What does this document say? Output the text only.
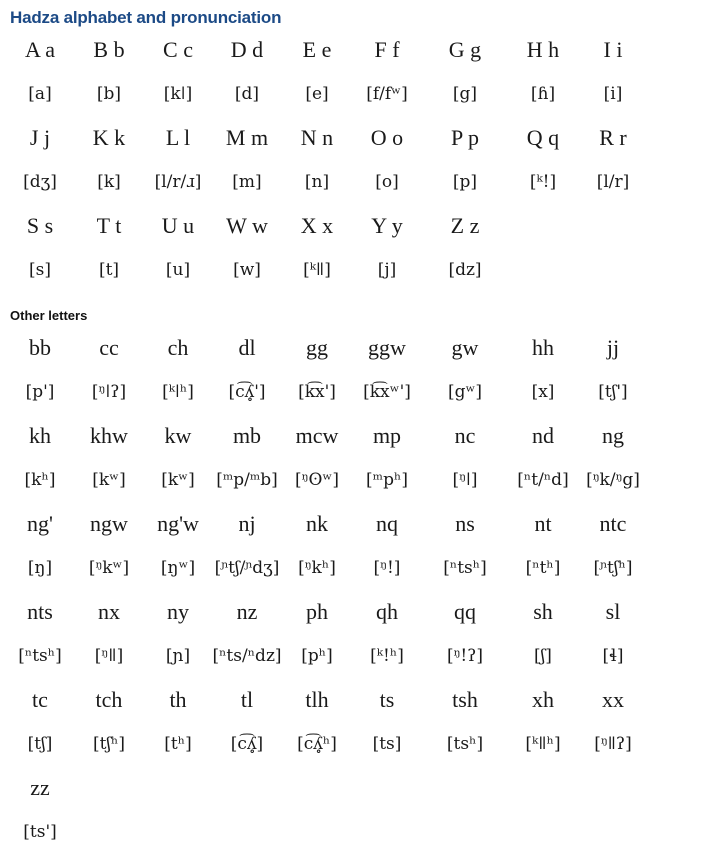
Hadza alphabet and pronunciation
A a	B b	C c	D d	E e	F f	G g	H h	I i
[a]	[b]	[kǀ]	[d]	[e]	[f/fʷ]	[g]	[ɦ]	[i]
J j	K k	L l	M m	N n	O o	P p	Q q	R r
[dʒ]	[k]	[l/r/ɹ]	[m]	[n]	[o]	[p]	[ᵏ!]	[l/r]
S s	T t	U u	W w	X x	Y y	Z z
[s]	[t]	[u]	[w]	[ᵏǁ]	[j]	[dz]
Other letters
bb	cc	ch	dl	gg	ggw	gw	hh	jj
[p']	[ᵑǀʔ]	[ᵏǀʰ]	[c͡ʎ̥']	[k͡x']	[k͡xʷ']	[gʷ]	[x]	[tʃ']
kh	khw	kw	mb	mcw	mp	nc	nd	ng
[kʰ]	[kʷ]	[kʷ]	[ᵐp/ᵐb]	[ᵑʘʷ]	[ᵐpʰ]	[ᵑǀ]	[ⁿt/ⁿd]	[ᵑk/ᵑg]
ng'	ngw	ng'w	nj	nk	nq	ns	nt	ntc
[ŋ]	[ᵑkʷ]	[ŋʷ]	[ᶮtʃ/ᶮdʒ]	[ᵑkʰ]	[ᵑ!]	[ⁿtsʰ]	[ⁿtʰ]	[ᶮtʃʰ]
nts	nx	ny	nz	ph	qh	qq	sh	sl
[ⁿtsʰ]	[ᵑǁ]	[ɲ]	[ⁿts/ⁿdz]	[pʰ]	[ᵏ!ʰ]	[ᵑ!ʔ]	[ʃ]	[ɬ]
tc	tch	th	tl	tlh	ts	tsh	xh	xx
[tʃ]	[tʃʰ]	[tʰ]	[c͡ʎ̥]	[c͡ʎ̥ʰ]	[ts]	[tsʰ]	[ᵏǁʰ]	[ᵑǁʔ]
zz
[ts']
